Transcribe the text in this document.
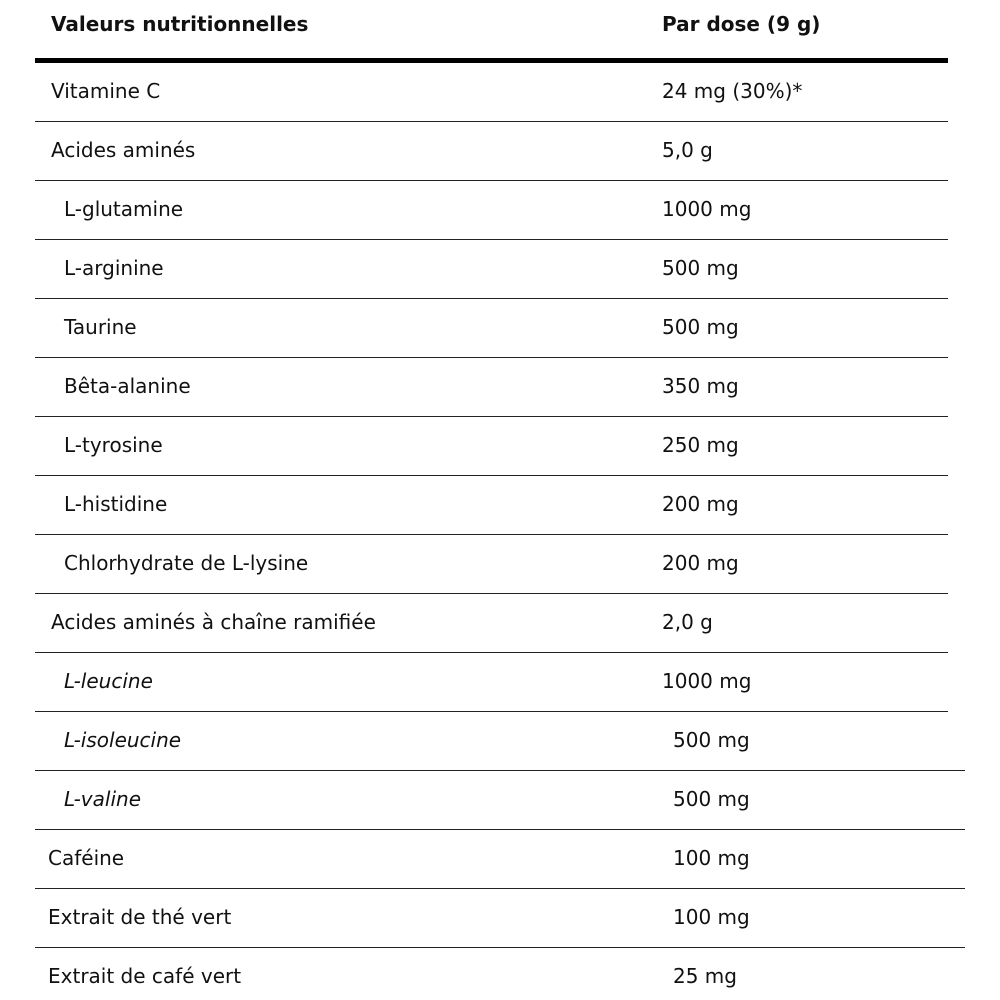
Valeurs nutritionnelles	Par dose (9 g)
Vitamine C	24 mg (30%)*
Acides aminés	5,0 g
L-glutamine	1000 mg
L-arginine	500 mg
Taurine	500 mg
Bêta-alanine	350 mg
L-tyrosine	250 mg
L-histidine	200 mg
Chlorhydrate de L-lysine	200 mg
Acides aminés à chaîne ramifiée	2,0 g
L-leucine	1000 mg
L-isoleucine	500 mg
L-valine	500 mg
Caféine	100 mg
Extrait de thé vert	100 mg
Extrait de café vert	25 mg
